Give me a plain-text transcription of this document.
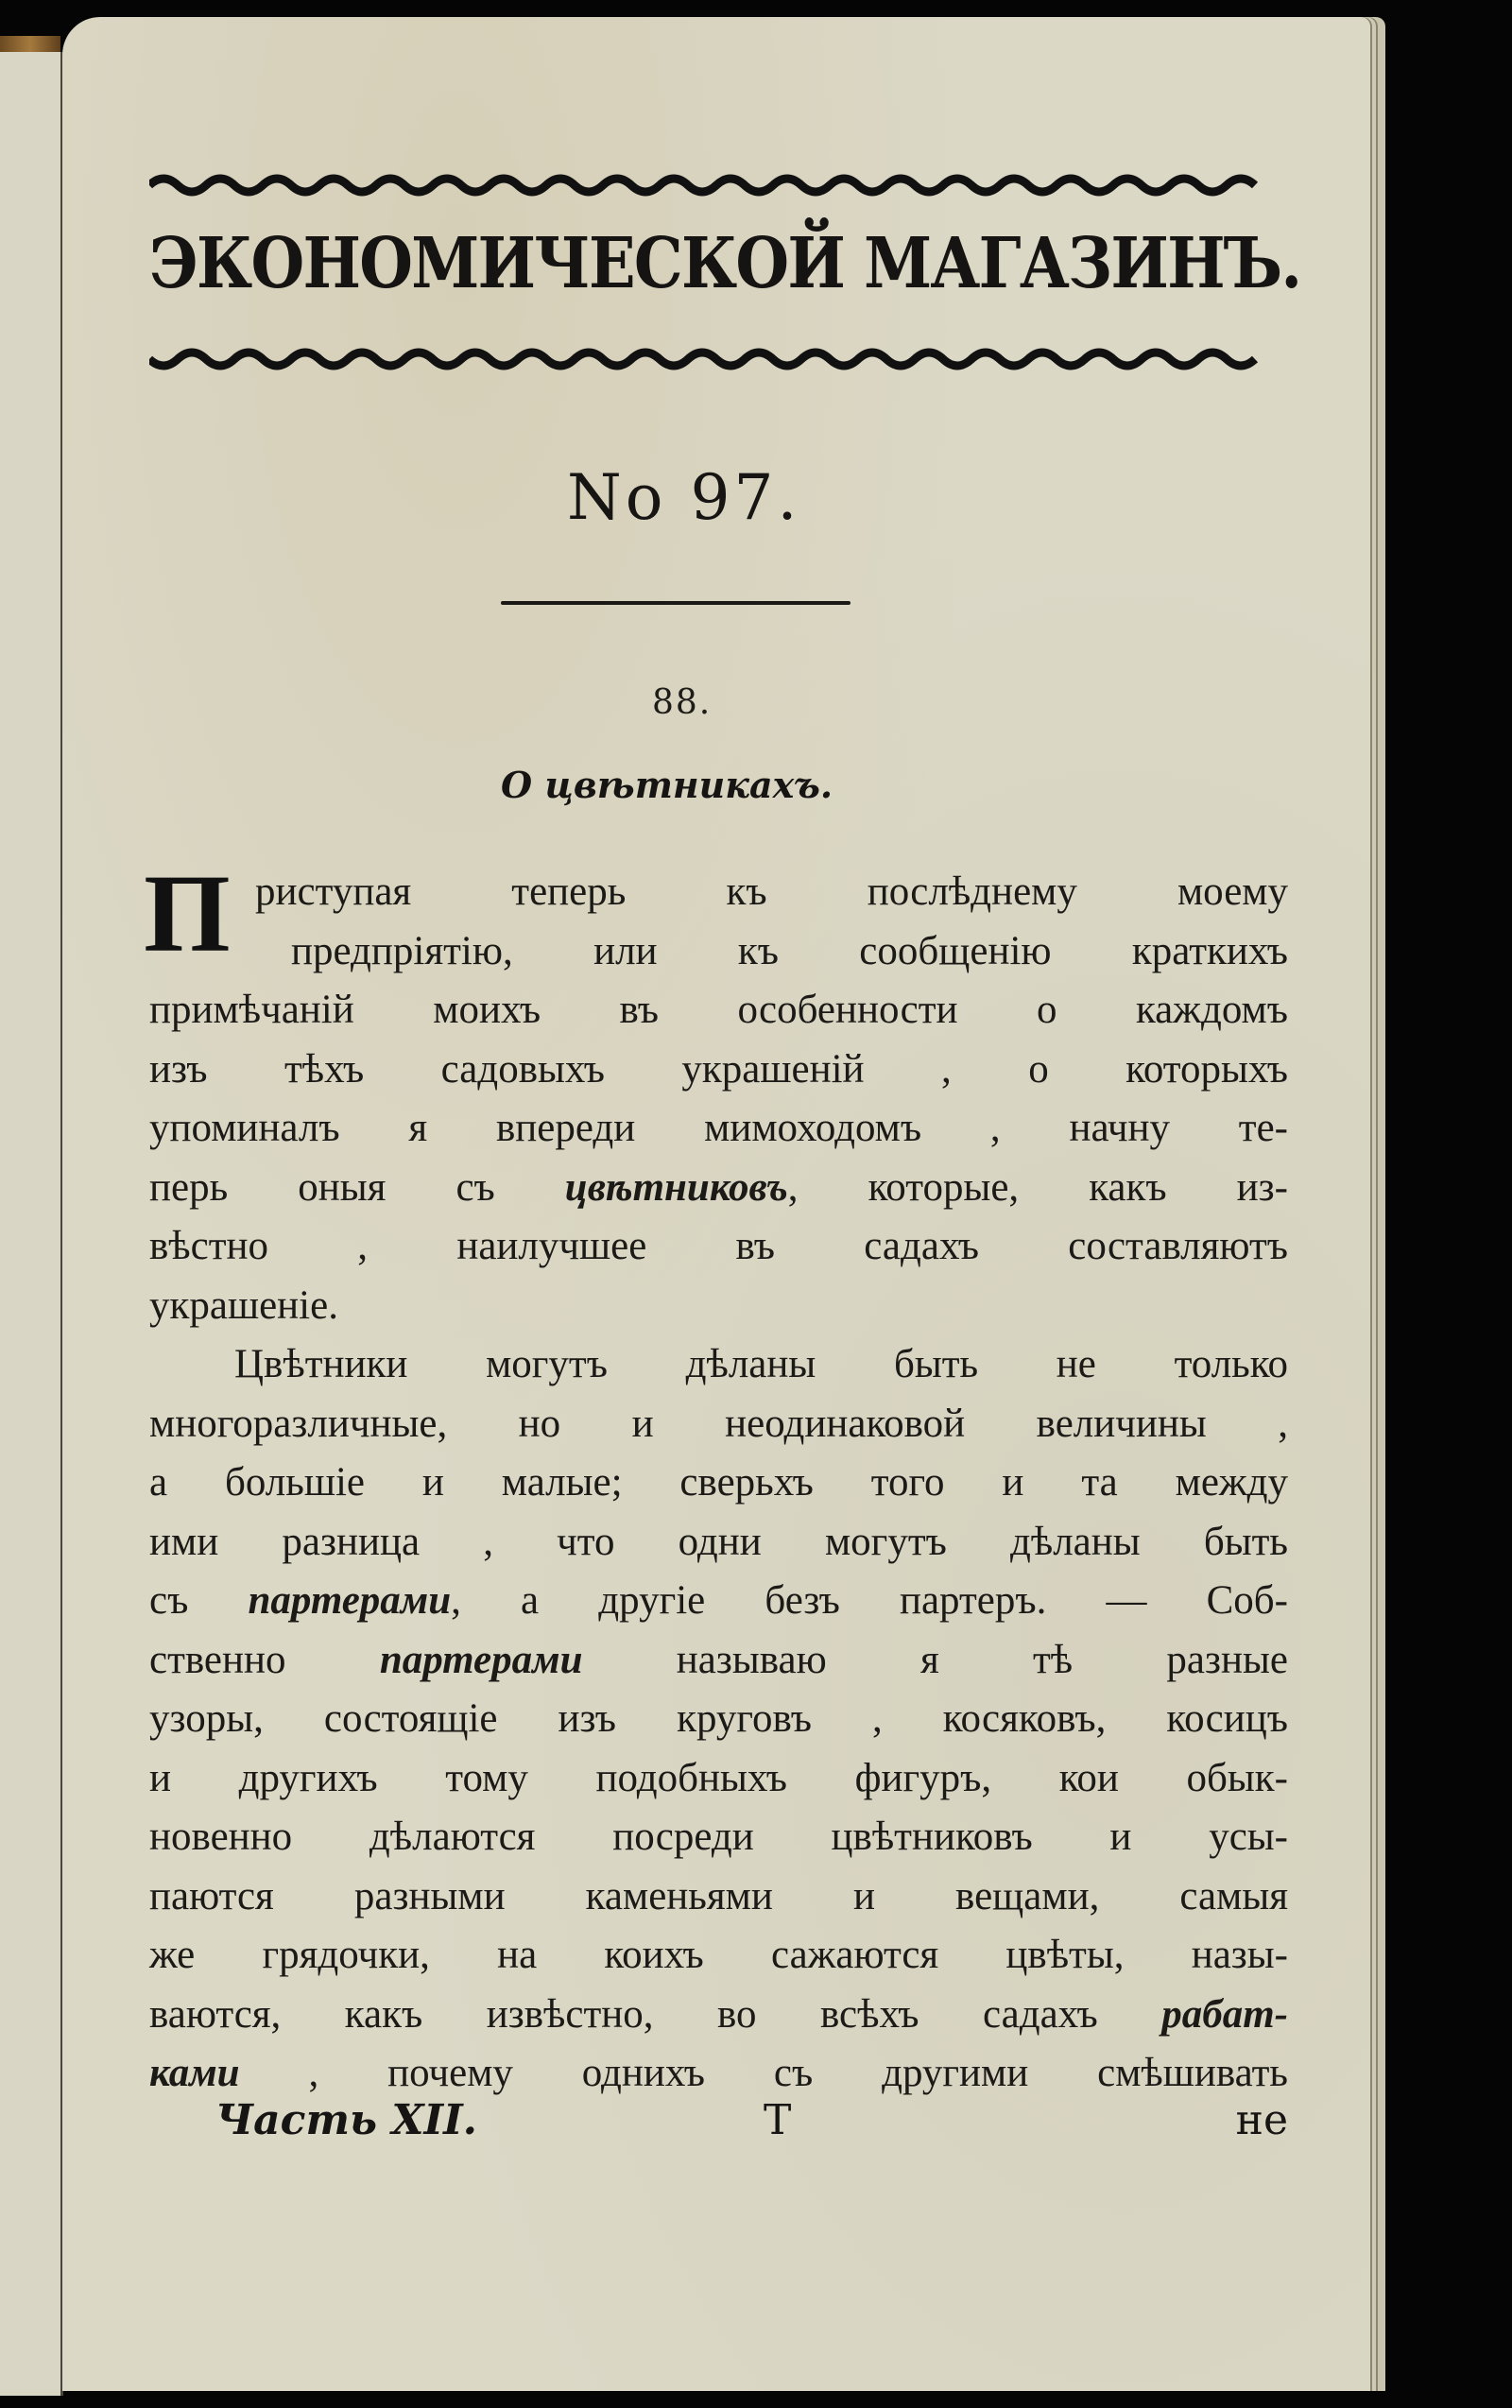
ЭКОНОМИЧЕСКОЙ МАГАЗИНЪ.
No 97.
88.
О цвѣтникахъ.
П риступая теперь къ послѣднему моему
предпріятію, или къ сообщенію краткихъ
примѣчаній моихъ въ особенности о каждомъ
изъ тѣхъ садовыхъ украшеній , о которыхъ
упоминалъ я впереди мимоходомъ , начну те-
перь оныя съ цвѣтниковъ, которые, какъ из-
вѣстно , наилучшее въ садахъ составляютъ
украшеніе.

Цвѣтники могутъ дѣланы быть не только
многоразличные, но и неодинаковой величины ,
а большіе и малые; сверьхъ того и та между
ими разница , что одни могутъ дѣланы быть
съ партерами, а другіе безъ партеръ. — Соб-
ственно партерами называю я тѣ разные
узоры, состоящіе изъ круговъ , косяковъ, косицъ
и другихъ тому подобныхъ фигуръ, кои обык-
новенно дѣлаются посреди цвѣтниковъ и усы-
паются разными каменьями и вещами, самыя
же грядочки, на коихъ сажаются цвѣты, назы-
ваются, какъ извѣстно, во всѣхъ садахъ рабат-
ками , почему однихъ съ другими смѣшивать

Часть XII.	Т	не
